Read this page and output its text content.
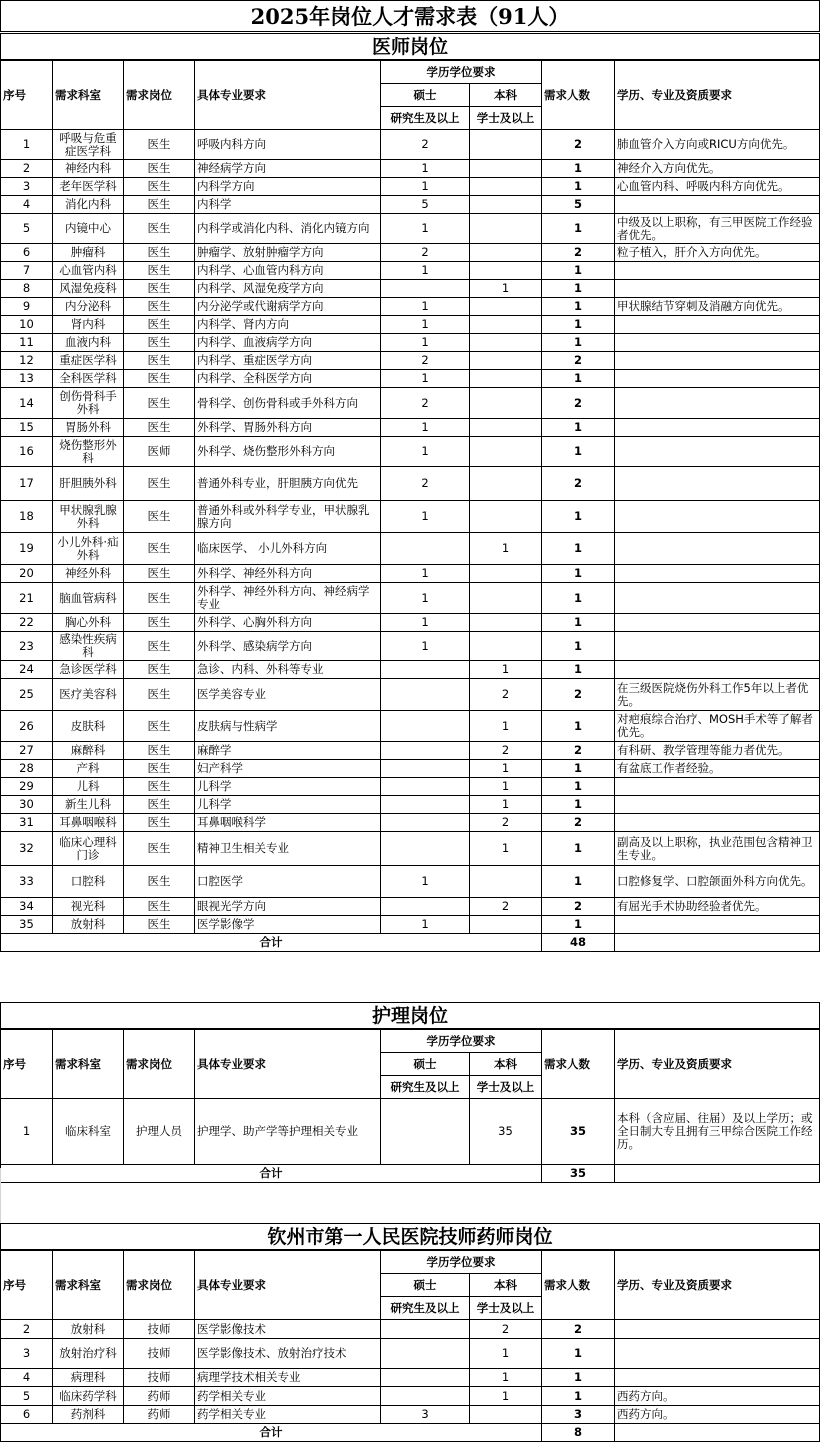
2025年岗位人才需求表（91人）
医师岗位
序号	需求科室	需求岗位	具体专业要求	学历学位要求		需求人数	学历、专业及资质要求
				硕士	本科		
				研究生及以上	学士及以上		
1	呼吸与危重症医学科	医生	呼吸内科方向	2		2	肺血管介入方向或RICU方向优先。
2	神经内科	医生	神经病学方向	1		1	神经介入方向优先。
3	老年医学科	医生	内科学方向	1		1	心血管内科、呼吸内科方向优先。
4	消化内科	医生	内科学	5		5	
5	内镜中心	医生	内科学或消化内科、消化内镜方向	1		1	中级及以上职称，有三甲医院工作经验者优先。
6	肿瘤科	医生	肿瘤学、放射肿瘤学方向	2		2	粒子植入，肝介入方向优先。
7	心血管内科	医生	内科学、心血管内科方向	1		1	
8	风湿免疫科	医生	内科学、风湿免疫学方向		1	1	
9	内分泌科	医生	内分泌学或代谢病学方向	1		1	甲状腺结节穿刺及消融方向优先。
10	肾内科	医生	内科学、肾内方向	1		1	
11	血液内科	医生	内科学、血液病学方向	1		1	
12	重症医学科	医生	内科学、重症医学方向	2		2	
13	全科医学科	医生	内科学、全科医学方向	1		1	
14	创伤骨科手外科	医生	骨科学、创伤骨科或手外科方向	2		2	
15	胃肠外科	医生	外科学、胃肠外科方向	1		1	
16	烧伤整形外科	医师	外科学、烧伤整形外科方向	1		1	
17	肝胆胰外科	医生	普通外科专业，肝胆胰方向优先	2		2	
18	甲状腺乳腺外科	医生	普通外科或外科学专业，甲状腺乳腺方向	1		1	
19	小儿外科·疝外科	医生	临床医学、 小儿外科方向		1	1	
20	神经外科	医生	外科学、神经外科方向	1		1	
21	脑血管病科	医生	外科学、神经外科方向、神经病学专业	1		1	
22	胸心外科	医生	外科学、心胸外科方向	1		1	
23	感染性疾病科	医生	外科学、感染病学方向	1		1	
24	急诊医学科	医生	急诊、内科、外科等专业		1	1	
25	医疗美容科	医生	医学美容专业		2	2	在三级医院烧伤外科工作5年以上者优先。
26	皮肤科	医生	皮肤病与性病学		1	1	对疤痕综合治疗、MOSH手术等了解者优先。
27	麻醉科	医生	麻醉学		2	2	有科研、教学管理等能力者优先。
28	产科	医生	妇产科学		1	1	有盆底工作者经验。
29	儿科	医生	儿科学		1	1	
30	新生儿科	医生	儿科学		1	1	
31	耳鼻咽喉科	医生	耳鼻咽喉科学		2	2	
32	临床心理科门诊	医生	精神卫生相关专业		1	1	副高及以上职称，执业范围包含精神卫生专业。
33	口腔科	医生	口腔医学	1		1	口腔修复学、口腔颌面外科方向优先。
34	视光科	医生	眼视光学方向		2	2	有屈光手术协助经验者优先。
35	放射科	医生	医学影像学	1		1	
合计						48	
护理岗位
序号	需求科室	需求岗位	具体专业要求	学历学位要求		需求人数	学历、专业及资质要求
				硕士	本科		
				研究生及以上	学士及以上		
1	临床科室	护理人员	护理学、助产学等护理相关专业		35	35	本科（含应届、往届）及以上学历；或全日制大专且拥有三甲综合医院工作经历。
合计						35	
钦州市第一人民医院技师药师岗位
序号	需求科室	需求岗位	具体专业要求	学历学位要求		需求人数	学历、专业及资质要求
				硕士	本科		
				研究生及以上	学士及以上		
2	放射科	技师	医学影像技术		2	2	
3	放射治疗科	技师	医学影像技术、放射治疗技术		1	1	
4	病理科	技师	病理学技术相关专业		1	1	
5	临床药学科	药师	药学相关专业		1	1	西药方向。
6	药剂科	药师	药学相关专业	3		3	西药方向。
合计						8	
